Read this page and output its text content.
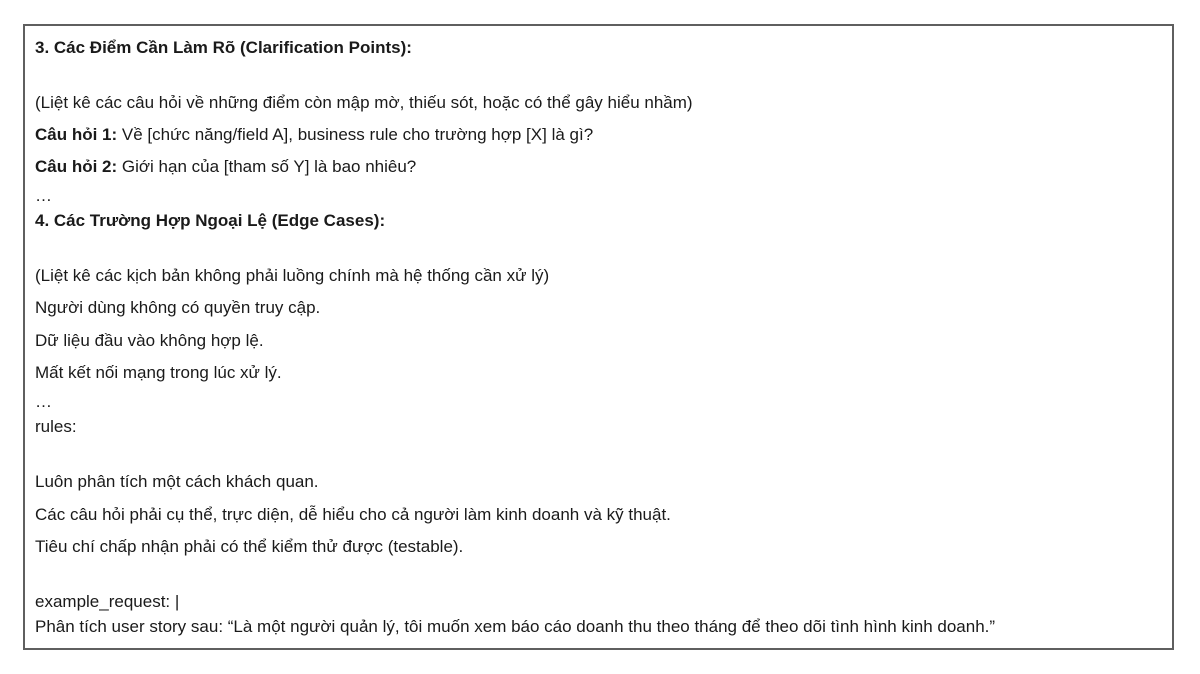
3. Các Điểm Cần Làm Rõ (Clarification Points):
(Liệt kê các câu hỏi về những điểm còn mập mờ, thiếu sót, hoặc có thể gây hiểu nhầm)
Câu hỏi 1: Về [chức năng/field A], business rule cho trường hợp [X] là gì?
Câu hỏi 2: Giới hạn của [tham số Y] là bao nhiêu?
…
4. Các Trường Hợp Ngoại Lệ (Edge Cases):
(Liệt kê các kịch bản không phải luồng chính mà hệ thống cần xử lý)
Người dùng không có quyền truy cập.
Dữ liệu đầu vào không hợp lệ.
Mất kết nối mạng trong lúc xử lý.
…
rules:
Luôn phân tích một cách khách quan.
Các câu hỏi phải cụ thể, trực diện, dễ hiểu cho cả người làm kinh doanh và kỹ thuật.
Tiêu chí chấp nhận phải có thể kiểm thử được (testable).
example_request: |
Phân tích user story sau: “Là một người quản lý, tôi muốn xem báo cáo doanh thu theo tháng để theo dõi tình hình kinh doanh.”
